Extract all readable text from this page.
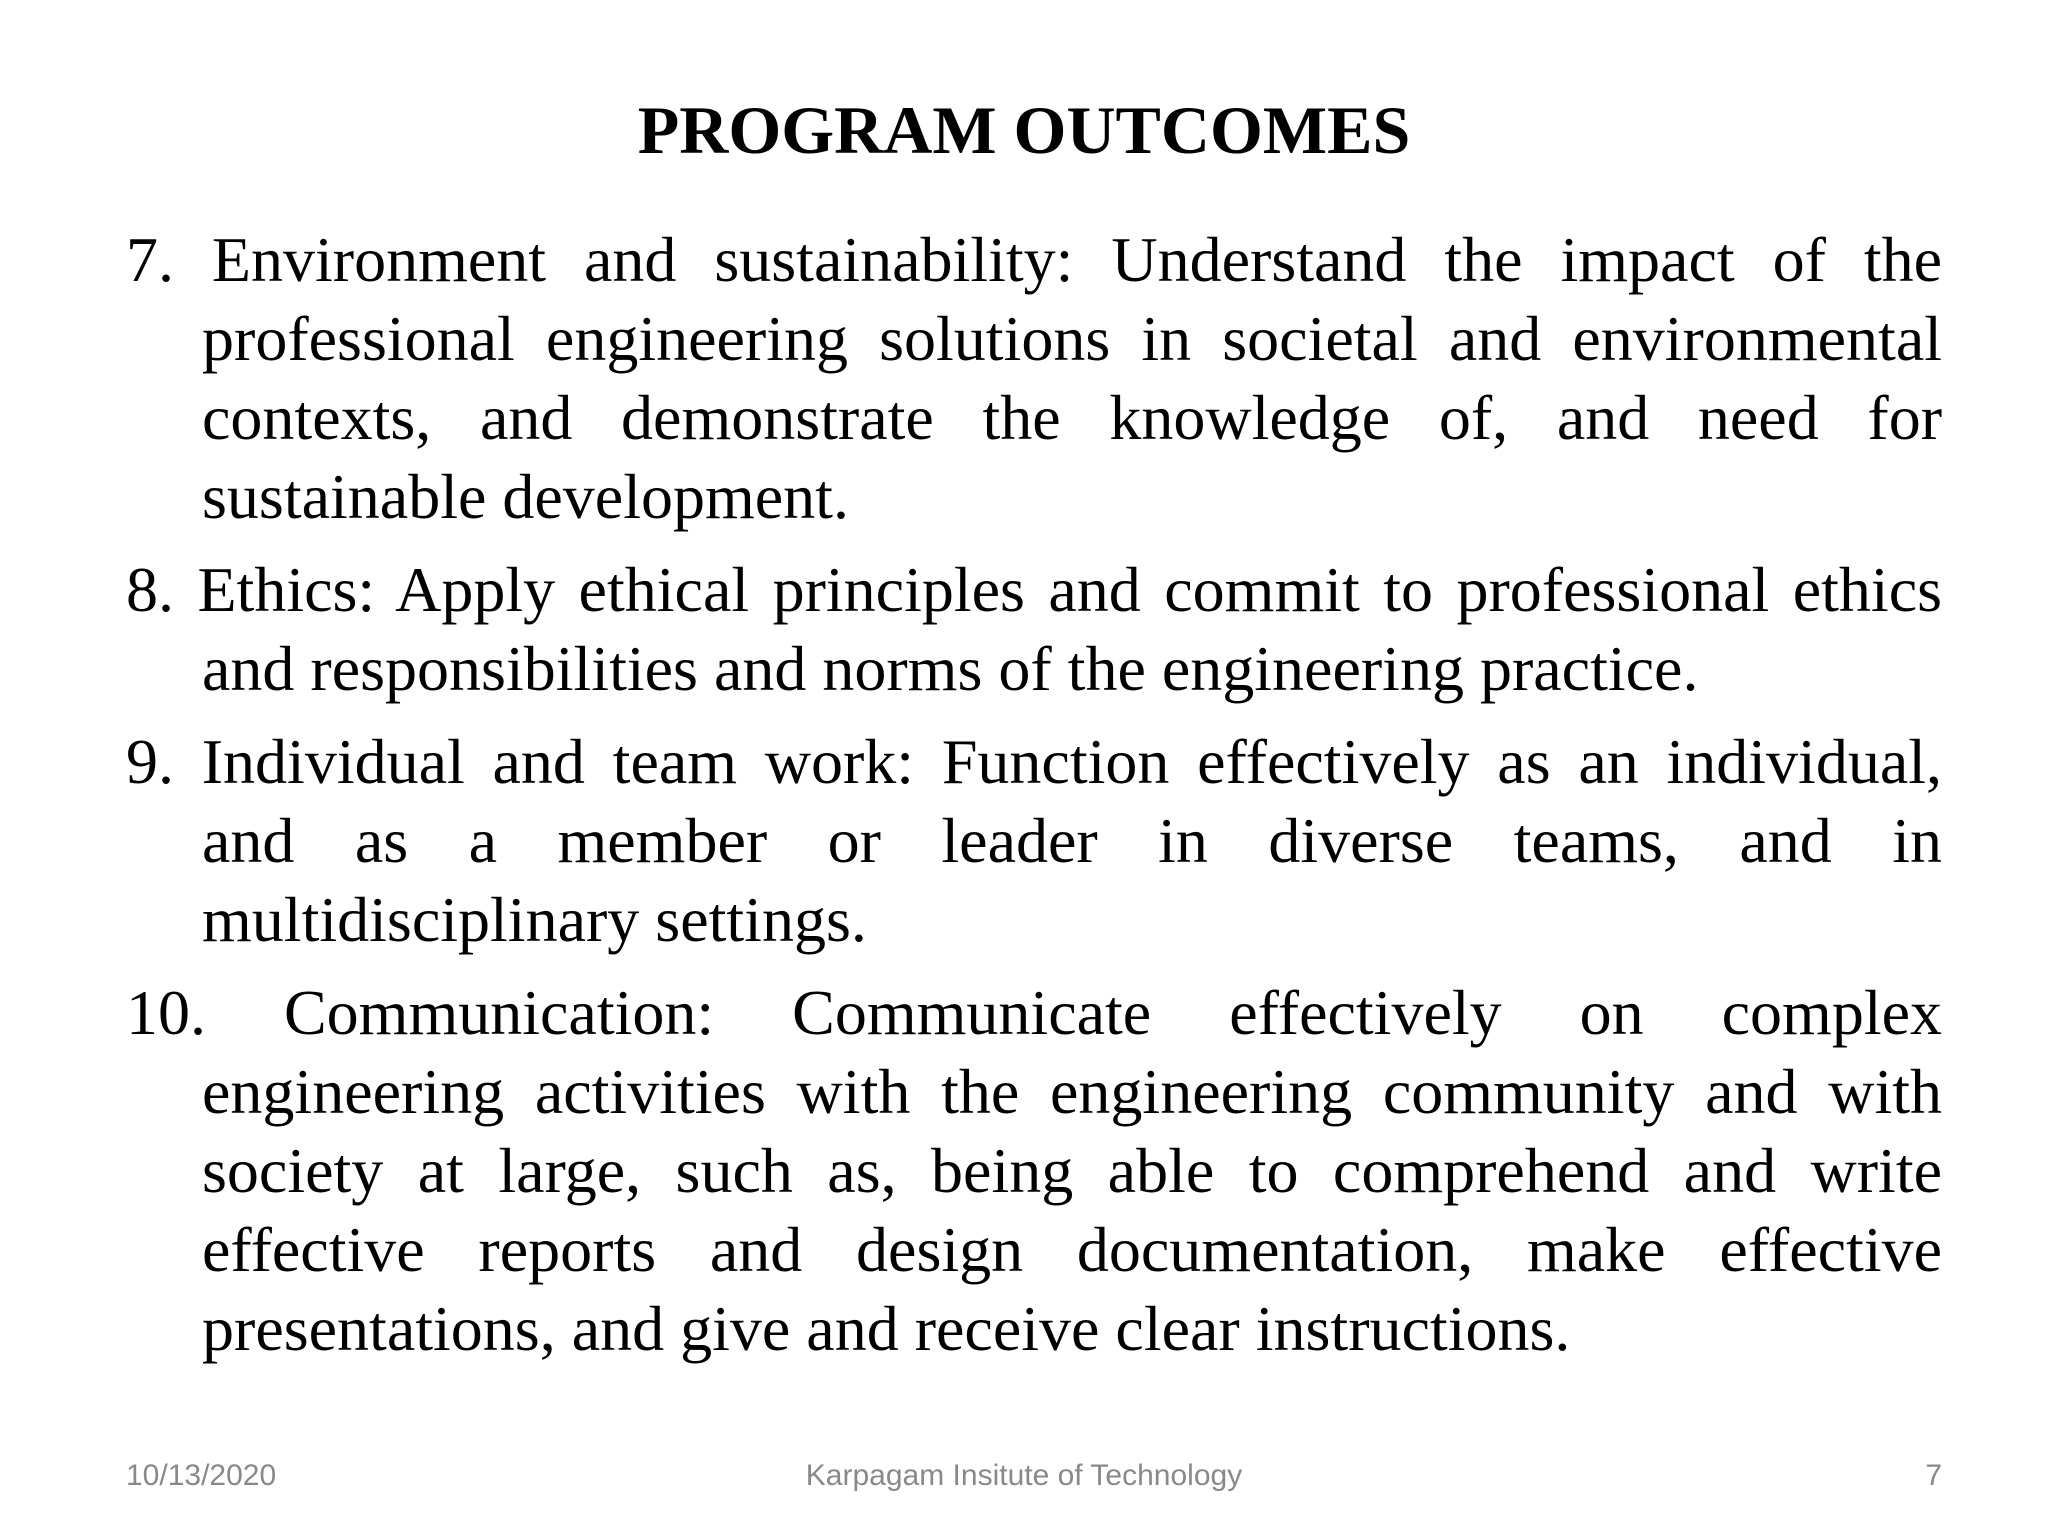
PROGRAM OUTCOMES
7. Environment and sustainability: Understand the impact of the professional engineering solutions in societal and environmental contexts, and demonstrate the knowledge of, and need for sustainable development.
8. Ethics: Apply ethical principles and commit to professional ethics and responsibilities and norms of the engineering practice.
9. Individual and team work: Function effectively as an individual, and as a member or leader in diverse teams, and in multidisciplinary settings.
10. Communication: Communicate effectively on complex engineering activities with the engineering community and with society at large, such as, being able to comprehend and write effective reports and design documentation, make effective presentations, and give and receive clear instructions.
10/13/2020	Karpagam Insitute of Technology	7
